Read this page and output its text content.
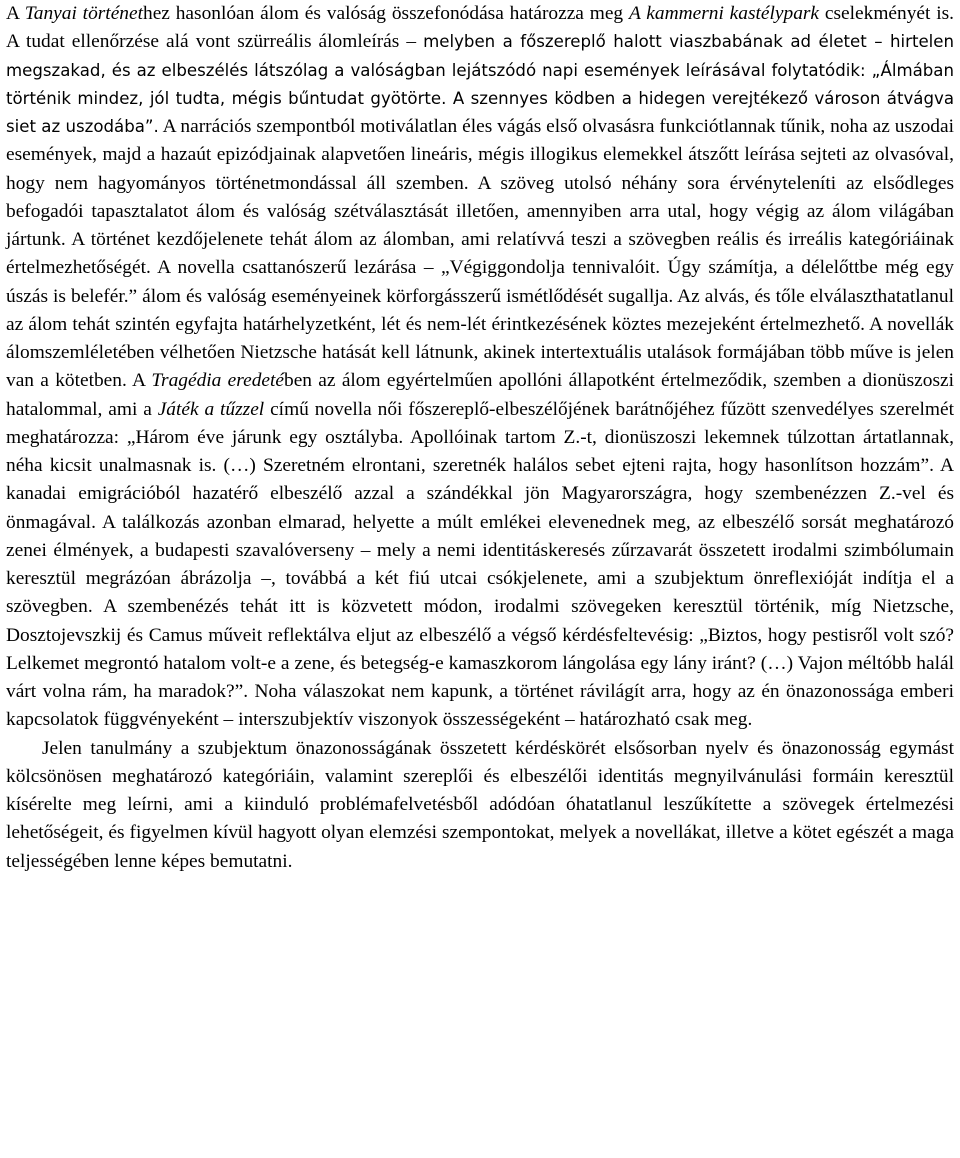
A Tanyai történethez hasonlóan álom és valóság összefonódása határozza meg A kammerni kastélypark cselekményét is. A tudat ellenőrzése alá vont szürreális álomleírás – melyben a főszereplő halott viaszbabának ad életet – hirtelen megszakad, és az elbeszélés látszólag a valóságban lejátszódó napi események leírásával folytatódik: „Álmában történik mindez, jól tudta, mégis bűntudat gyötörte. A szennyes ködben a hidegen verejtékező városon átvágva siet az uszodába”. A narrációs szempontból motiválatlan éles vágás első olvasásra funkciótlannak tűnik, noha az uszodai események, majd a hazaút epizódjainak alapvetően lineáris, mégis illogikus elemekkel átszőtt leírása sejteti az olvasóval, hogy nem hagyományos történetmondással áll szemben. A szöveg utolsó néhány sora érvényteleníti az elsődleges befogadói tapasztalatot álom és valóság szétválasztását illetően, amennyiben arra utal, hogy végig az álom világában jártunk. A történet kezdőjelenete tehát álom az álomban, ami relatívvá teszi a szövegben reális és irreális kategóriáinak értelmezhetőségét. A novella csattanószerű lezárása – „Végiggondolja tennivalóit. Úgy számítja, a délelőttbe még egy úszás is belefér.” álom és valóság eseményeinek körforgásszerű ismétlődését sugallja. Az alvás, és tőle elválaszthatatlanul az álom tehát szintén egyfajta határhelyzetként, lét és nem-lét érintkezésének köztes mezejeként értelmezhető. A novellák álomszemléletében vélhetően Nietzsche hatását kell látnunk, akinek intertextuális utalások formájában több műve is jelen van a kötetben. A Tragédia eredetében az álom egyértelműen apollóni állapotként értelmeződik, szemben a dionüszoszi hatalommal, ami a Játék a tűzzel című novella női főszereplő-elbeszélőjének barátnőjéhez fűzött szenvedélyes szerelmét meghatározza: „Három éve járunk egy osztályba. Apollóinak tartom Z.-t, dionüszoszi lekemnek túlzottan ártatlannak, néha kicsit unalmasnak is. (…) Szeretném elrontani, szeretnék halálos sebet ejteni rajta, hogy hasonlítson hozzám”. A kanadai emigrációból hazatérő elbeszélő azzal a szándékkal jön Magyarországra, hogy szembenézzen Z.-vel és önmagával. A találkozás azonban elmarad, helyette a múlt emlékei elevenednek meg, az elbeszélő sorsát meghatározó zenei élmények, a budapesti szavalóverseny – mely a nemi identitáskeresés zűrzavarát összetett irodalmi szimbólumain keresztül megrázóan ábrázolja –, továbbá a két fiú utcai csókjelenete, ami a szubjektum önreflexióját indítja el a szövegben. A szembenézés tehát itt is közvetett módon, irodalmi szövegeken keresztül történik, míg Nietzsche, Dosztojevszkij és Camus műveit reflektálva eljut az elbeszélő a végső kérdésfeltevésig: „Biztos, hogy pestisről volt szó? Lelkemet megrontó hatalom volt-e a zene, és betegség-e kamaszkorom lángolása egy lány iránt? (…) Vajon méltóbb halál várt volna rám, ha maradok?”. Noha válaszokat nem kapunk, a történet rávilágít arra, hogy az én önazonossága emberi kapcsolatok függvényeként – interszubjektív viszonyok összességeként – határozható csak meg.

Jelen tanulmány a szubjektum önazonosságának összetett kérdéskörét elsősorban nyelv és önazonosság egymást kölcsönösen meghatározó kategóriáin, valamint szereplői és elbeszélői identitás megnyilvánulási formáin keresztül kísérelte meg leírni, ami a kiinduló problémafelvetésből adódóan óhatatlanul leszűkítette a szövegek értelmezési lehetőségeit, és figyelmen kívül hagyott olyan elemzési szempontokat, melyek a novellákat, illetve a kötet egészét a maga teljességében lenne képes bemutatni.
